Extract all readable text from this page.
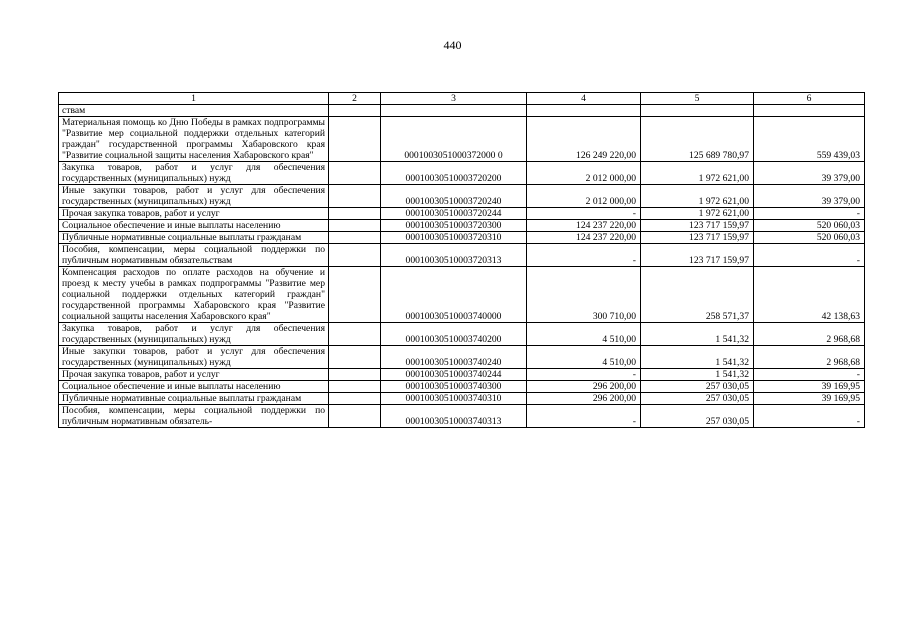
440
1	2	3	4	5	6
ствам					
Материальная помощь ко Дню Победы в рамках подпрограммы "Развитие мер социальной поддержки отдельных категорий граждан" государственной программы Хабаровского края "Развитие социальной защиты населения Хабаровского края"		0001003051000372000 0	126 249 220,00	125 689 780,97	559 439,03
Закупка товаров, работ и услуг для обеспечения государственных (муниципальных) нужд		00010030510003720200	2 012 000,00	1 972 621,00	39 379,00
Иные закупки товаров, работ и услуг для обеспечения государственных (муниципальных) нужд		00010030510003720240	2 012 000,00	1 972 621,00	39 379,00
Прочая закупка товаров, работ и услуг		00010030510003720244	-	1 972 621,00	-
Социальное обеспечение и иные выплаты населению		00010030510003720300	124 237 220,00	123 717 159,97	520 060,03
Публичные нормативные социальные выплаты гражданам		00010030510003720310	124 237 220,00	123 717 159,97	520 060,03
Пособия, компенсации, меры социальной поддержки по публичным нормативным обязательствам		00010030510003720313	-	123 717 159,97	-
Компенсация расходов по оплате расходов на обучение и проезд к месту учебы в рамках подпрограммы "Развитие мер социальной поддержки отдельных категорий граждан" государственной программы Хабаровского края "Развитие социальной защиты населения Хабаровского края"		00010030510003740000	300 710,00	258 571,37	42 138,63
Закупка товаров, работ и услуг для обеспечения государственных (муниципальных) нужд		00010030510003740200	4 510,00	1 541,32	2 968,68
Иные закупки товаров, работ и услуг для обеспечения государственных (муниципальных) нужд		00010030510003740240	4 510,00	1 541,32	2 968,68
Прочая закупка товаров, работ и услуг		00010030510003740244	-	1 541,32	-
Социальное обеспечение и иные выплаты населению		00010030510003740300	296 200,00	257 030,05	39 169,95
Публичные нормативные социальные выплаты гражданам		00010030510003740310	296 200,00	257 030,05	39 169,95
Пособия, компенсации, меры социальной поддержки по публичным нормативным обязатель-		00010030510003740313	-	257 030,05	-
